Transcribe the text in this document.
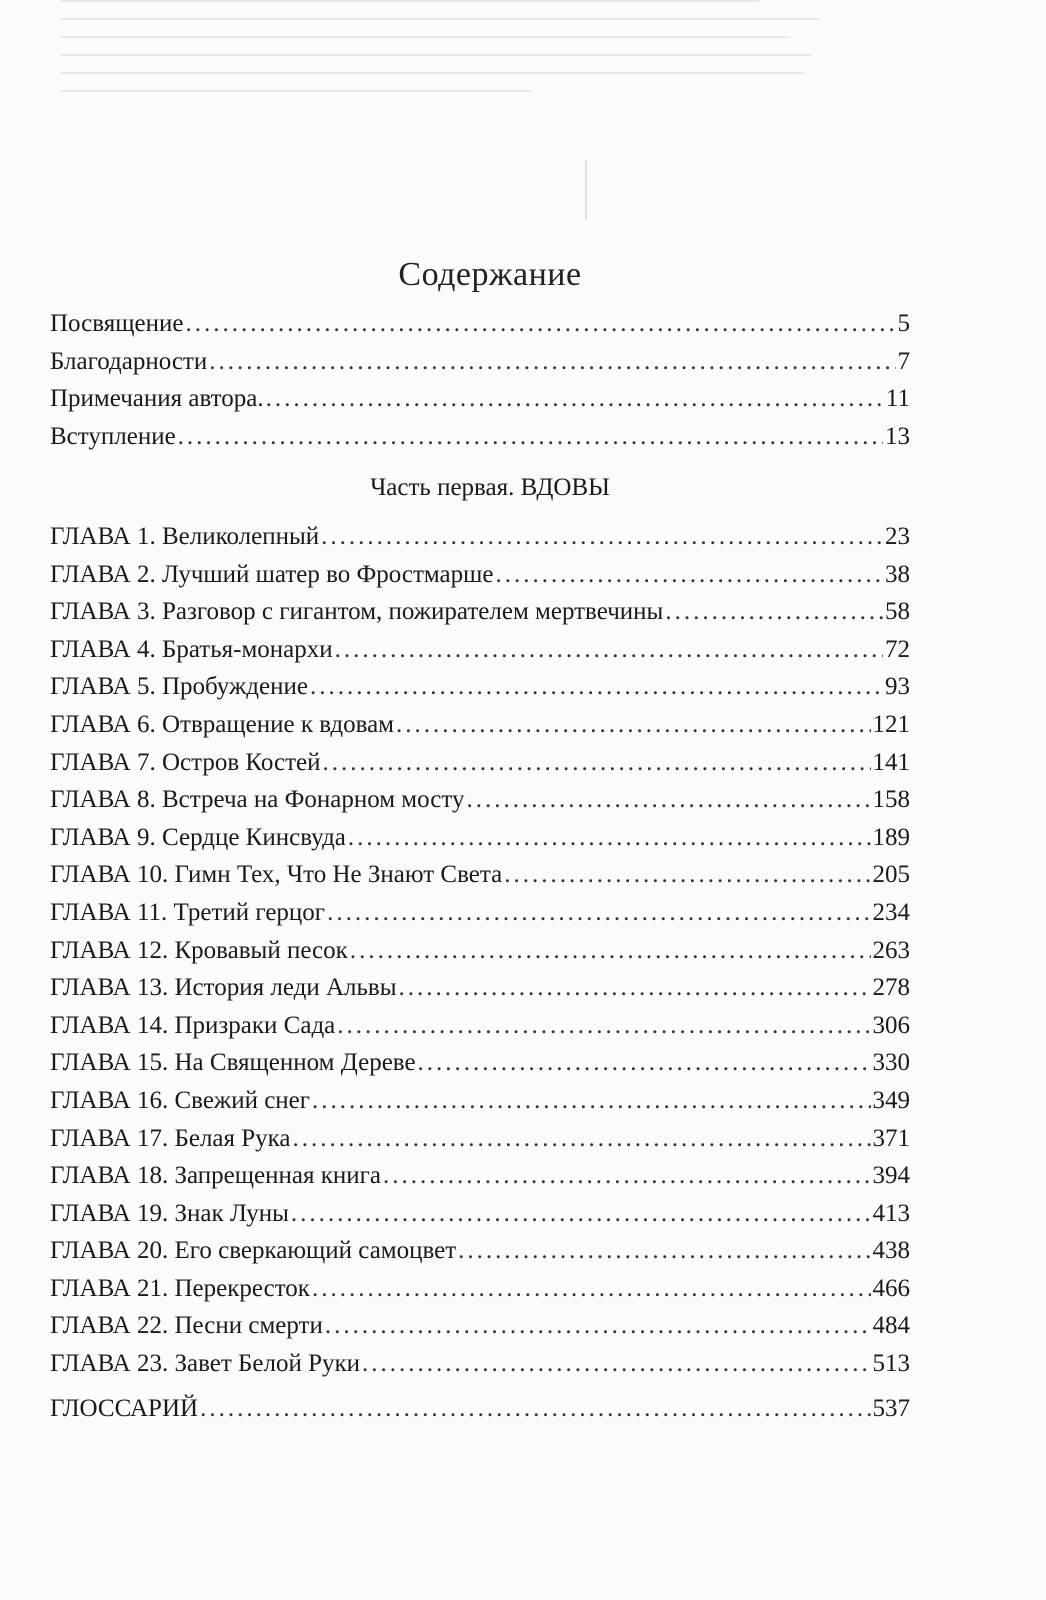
Содержание
Посвящение .....	5
Благодарности .....	7
Примечания автора. .....	11
Вступление .....	13
Часть первая. ВДОВЫ
ГЛАВА 1. Великолепный .....	23
ГЛАВА 2. Лучший шатер во Фростмарше .....	38
ГЛАВА 3. Разговор с гигантом, пожирателем мертвечины .....	58
ГЛАВА 4. Братья-монархи .....	72
ГЛАВА 5. Пробуждение .....	93
ГЛАВА 6. Отвращение к вдовам .....	121
ГЛАВА 7. Остров Костей .....	141
ГЛАВА 8. Встреча на Фонарном мосту .....	158
ГЛАВА 9. Сердце Кинсвуда .....	189
ГЛАВА 10. Гимн Тех, Что Не Знают Света .....	205
ГЛАВА 11. Третий герцог .....	234
ГЛАВА 12. Кровавый песок .....	263
ГЛАВА 13. История леди Альвы .....	278
ГЛАВА 14. Призраки Сада .....	306
ГЛАВА 15. На Священном Дереве .....	330
ГЛАВА 16. Свежий снег .....	349
ГЛАВА 17. Белая Рука .....	371
ГЛАВА 18. Запрещенная книга .....	394
ГЛАВА 19. Знак Луны .....	413
ГЛАВА 20. Его сверкающий самоцвет .....	438
ГЛАВА 21. Перекресток .....	466
ГЛАВА 22. Песни смерти .....	484
ГЛАВА 23. Завет Белой Руки .....	513
ГЛОССАРИЙ .....	537
